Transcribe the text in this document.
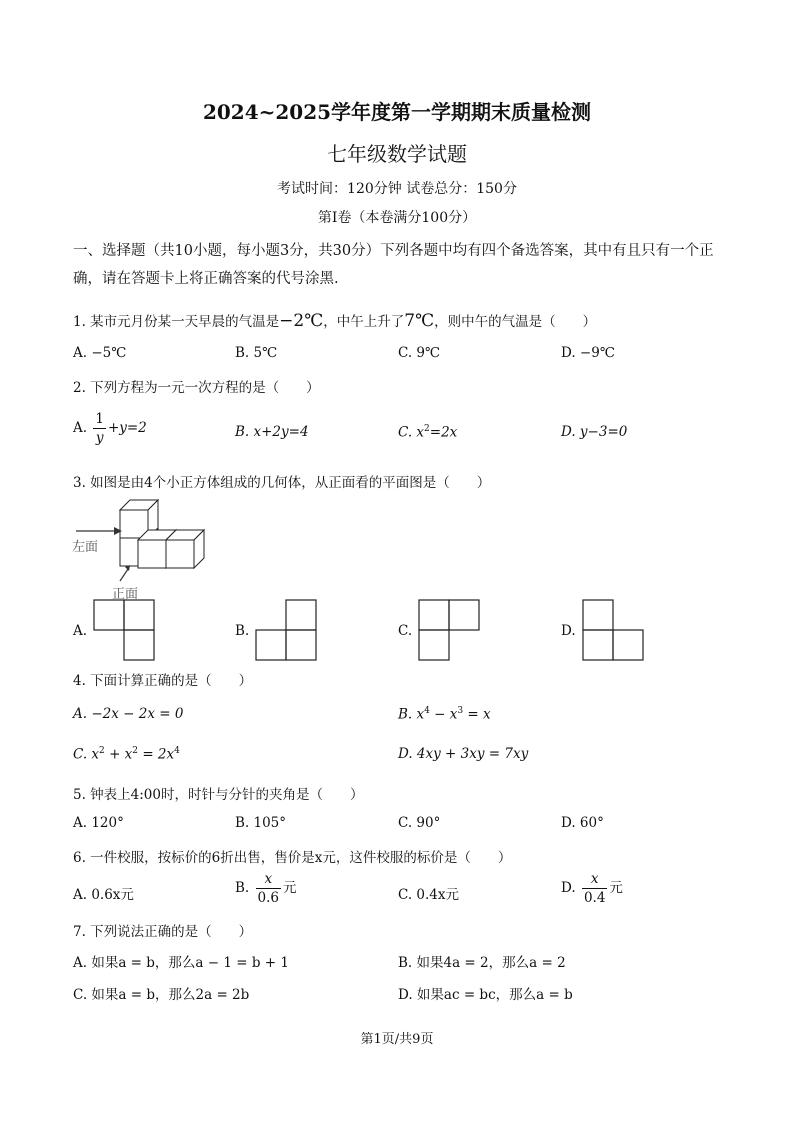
2024~2025学年度第一学期期末质量检测
七年级数学试题
考试时间：120分钟 试卷总分：150分
第Ⅰ卷（本卷满分100分）
一、选择题（共10小题，每小题3分，共30分）下列各题中均有四个备选答案，其中有且只有一个正确，请在答题卡上将正确答案的代号涂黑.
1. 某市元月份某一天早晨的气温是−2℃，中午上升了7℃，则中午的气温是（　　）
A. −5℃	B. 5℃	C. 9℃	D. −9℃
2. 下列方程为一元一次方程的是（　　）
A. $\frac{1}{y} +y=2$	B. x+2y=4	C. $x^2=2x$	D. y−3=0
3. 如图是由4个小正方体组成的几何体，从正面看的平面图是（　　）
左面
正面
A.	B.	C.	D.
4. 下面计算正确的是（　　）
A. −2x − 2x = 0	B. $x^4 - x^3 = x$
C. $x^2 + x^2 = 2x^4$	D. 4xy + 3xy = 7xy
5. 钟表上4:00时，时针与分针的夹角是（　　）
A. 120°	B. 105°	C. 90°	D. 60°
6. 一件校服，按标价的6折出售，售价是x元，这件校服的标价是（　　）
A. 0.6x元	B. $\frac{x}{0.6}$ 元	C. 0.4x元	D. $\frac{x}{0.4}$ 元
7. 下列说法正确的是（　　）
A. 如果a = b，那么a − 1 = b + 1	B. 如果4a = 2，那么a = 2
C. 如果a = b，那么2a = 2b	D. 如果ac = bc，那么a = b
第1页/共9页
